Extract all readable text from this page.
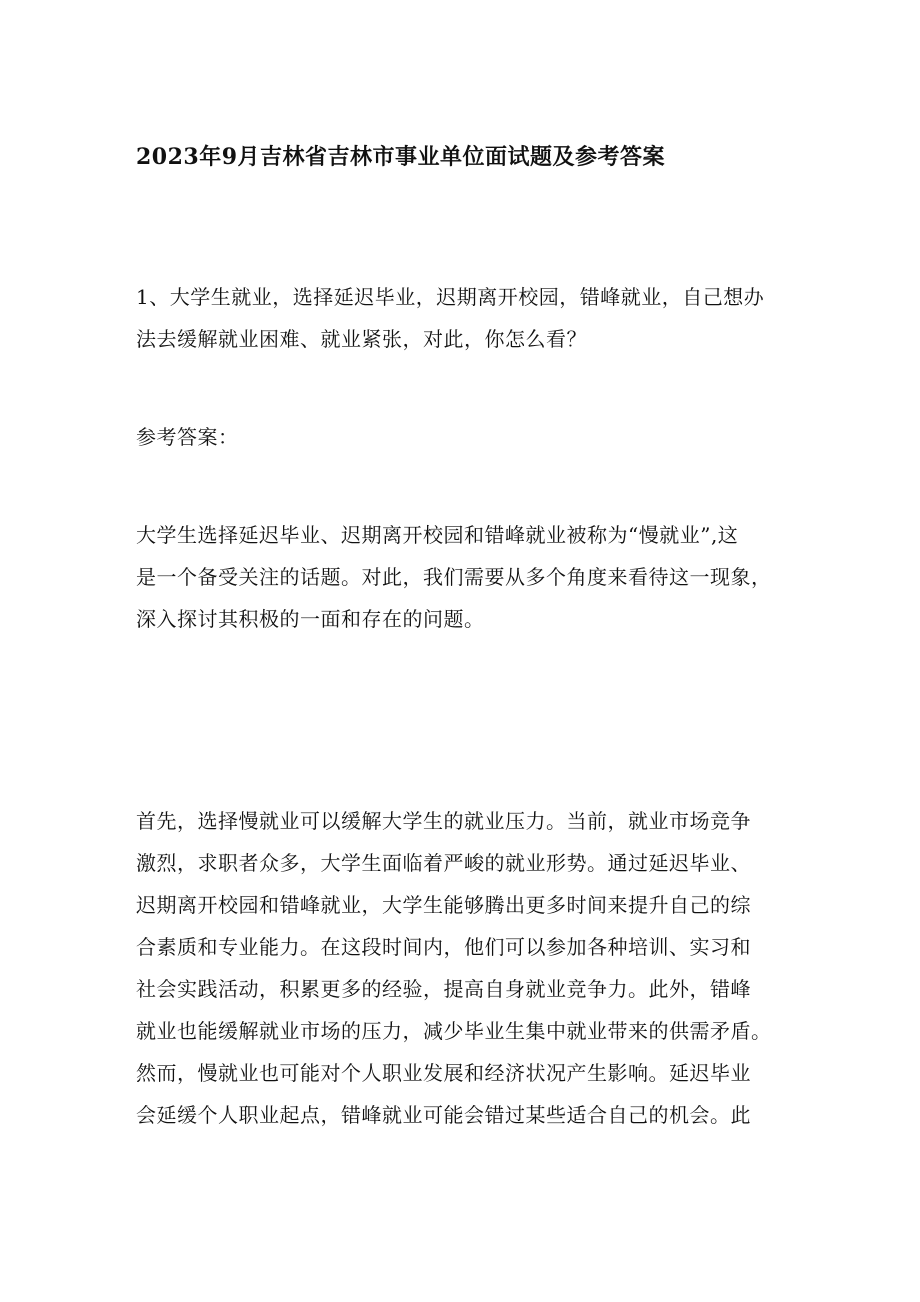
2023年9月吉林省吉林市事业单位面试题及参考答案
1、大学生就业，选择延迟毕业，迟期离开校园，错峰就业，自己想办
法去缓解就业困难、就业紧张，对此，你怎么看？
参考答案：
大学生选择延迟毕业、迟期离开校园和错峰就业被称为“慢就业”,这
是一个备受关注的话题。对此，我们需要从多个角度来看待这一现象，
深入探讨其积极的一面和存在的问题。
首先，选择慢就业可以缓解大学生的就业压力。当前，就业市场竞争
激烈，求职者众多，大学生面临着严峻的就业形势。通过延迟毕业、
迟期离开校园和错峰就业，大学生能够腾出更多时间来提升自己的综
合素质和专业能力。在这段时间内，他们可以参加各种培训、实习和
社会实践活动，积累更多的经验，提高自身就业竞争力。此外，错峰
就业也能缓解就业市场的压力，减少毕业生集中就业带来的供需矛盾。
然而，慢就业也可能对个人职业发展和经济状况产生影响。延迟毕业
会延缓个人职业起点，错峰就业可能会错过某些适合自己的机会。此
